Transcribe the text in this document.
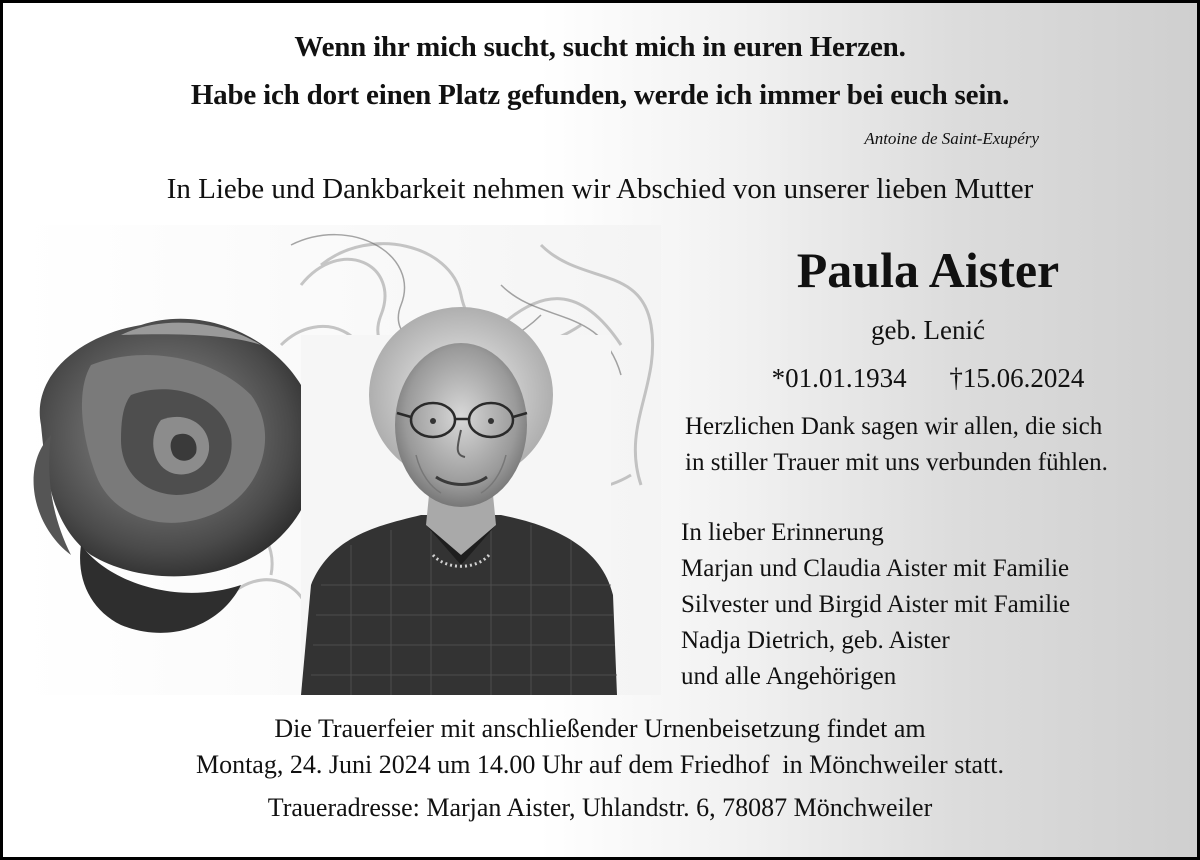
Wenn ihr mich sucht, sucht mich in euren Herzen.
Habe ich dort einen Platz gefunden, werde ich immer bei euch sein.
Antoine de Saint-Exupéry
In Liebe und Dankbarkeit nehmen wir Abschied von unserer lieben Mutter
Paula Aister
geb. Lenić
*01.01.1934 †15.06.2024
Herzlichen Dank sagen wir allen, die sich
in stiller Trauer mit uns verbunden fühlen.
In lieber Erinnerung
Marjan und Claudia Aister mit Familie
Silvester und Birgid Aister mit Familie
Nadja Dietrich, geb. Aister
und alle Angehörigen
Die Trauerfeier mit anschließender Urnenbeisetzung findet am
Montag, 24. Juni 2024 um 14.00 Uhr auf dem Friedhof  in Mönchweiler statt.
Traueradresse: Marjan Aister, Uhlandstr. 6, 78087 Mönchweiler
